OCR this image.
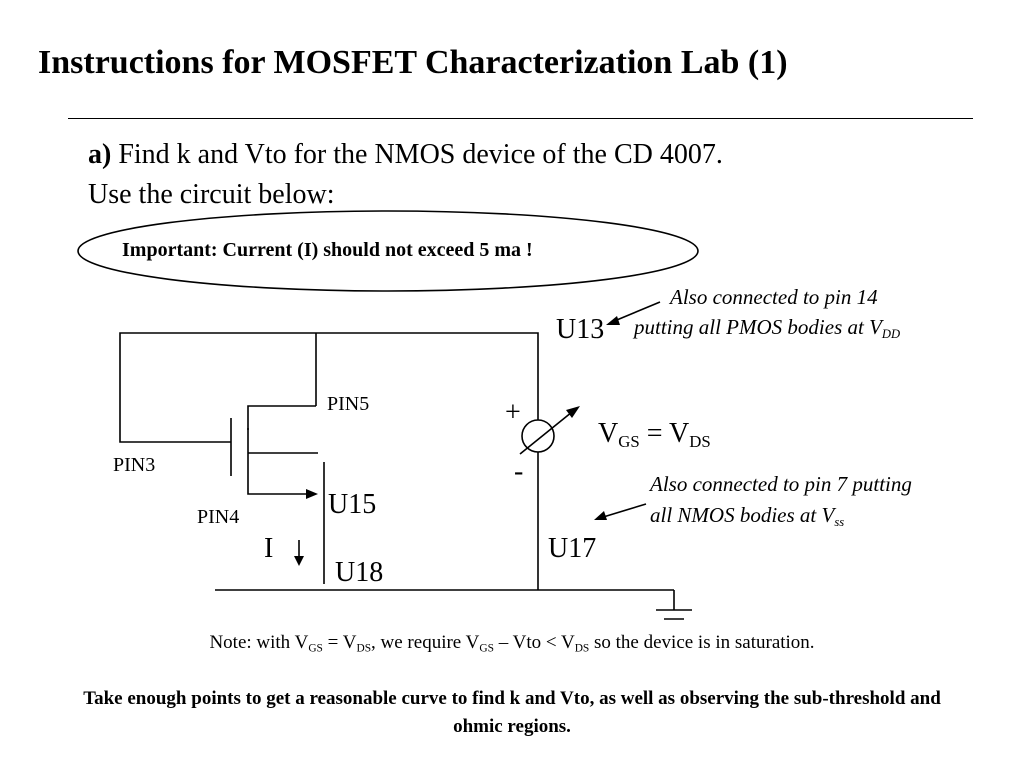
Instructions for MOSFET Characterization Lab (1)
a) Find k and Vto for the NMOS device of the CD 4007.
Use the circuit below:
Important: Current (I) should not exceed 5 ma !
U13
PIN5
PIN3
PIN4	U15
I
U18
U17
+
-
$V_{GS} = V_{DS}$
Also connected to pin 14
putting all PMOS bodies at $V_{DD}$
Also connected to pin 7 putting
all NMOS bodies at $V_{ss}$
Note: with $V_{GS} = V_{DS}$, we require $V_{GS}$ – Vto < $V_{DS}$ so the device is in saturation.
Take enough points to get a reasonable curve to find k and Vto, as well as observing the sub-threshold and ohmic regions.
